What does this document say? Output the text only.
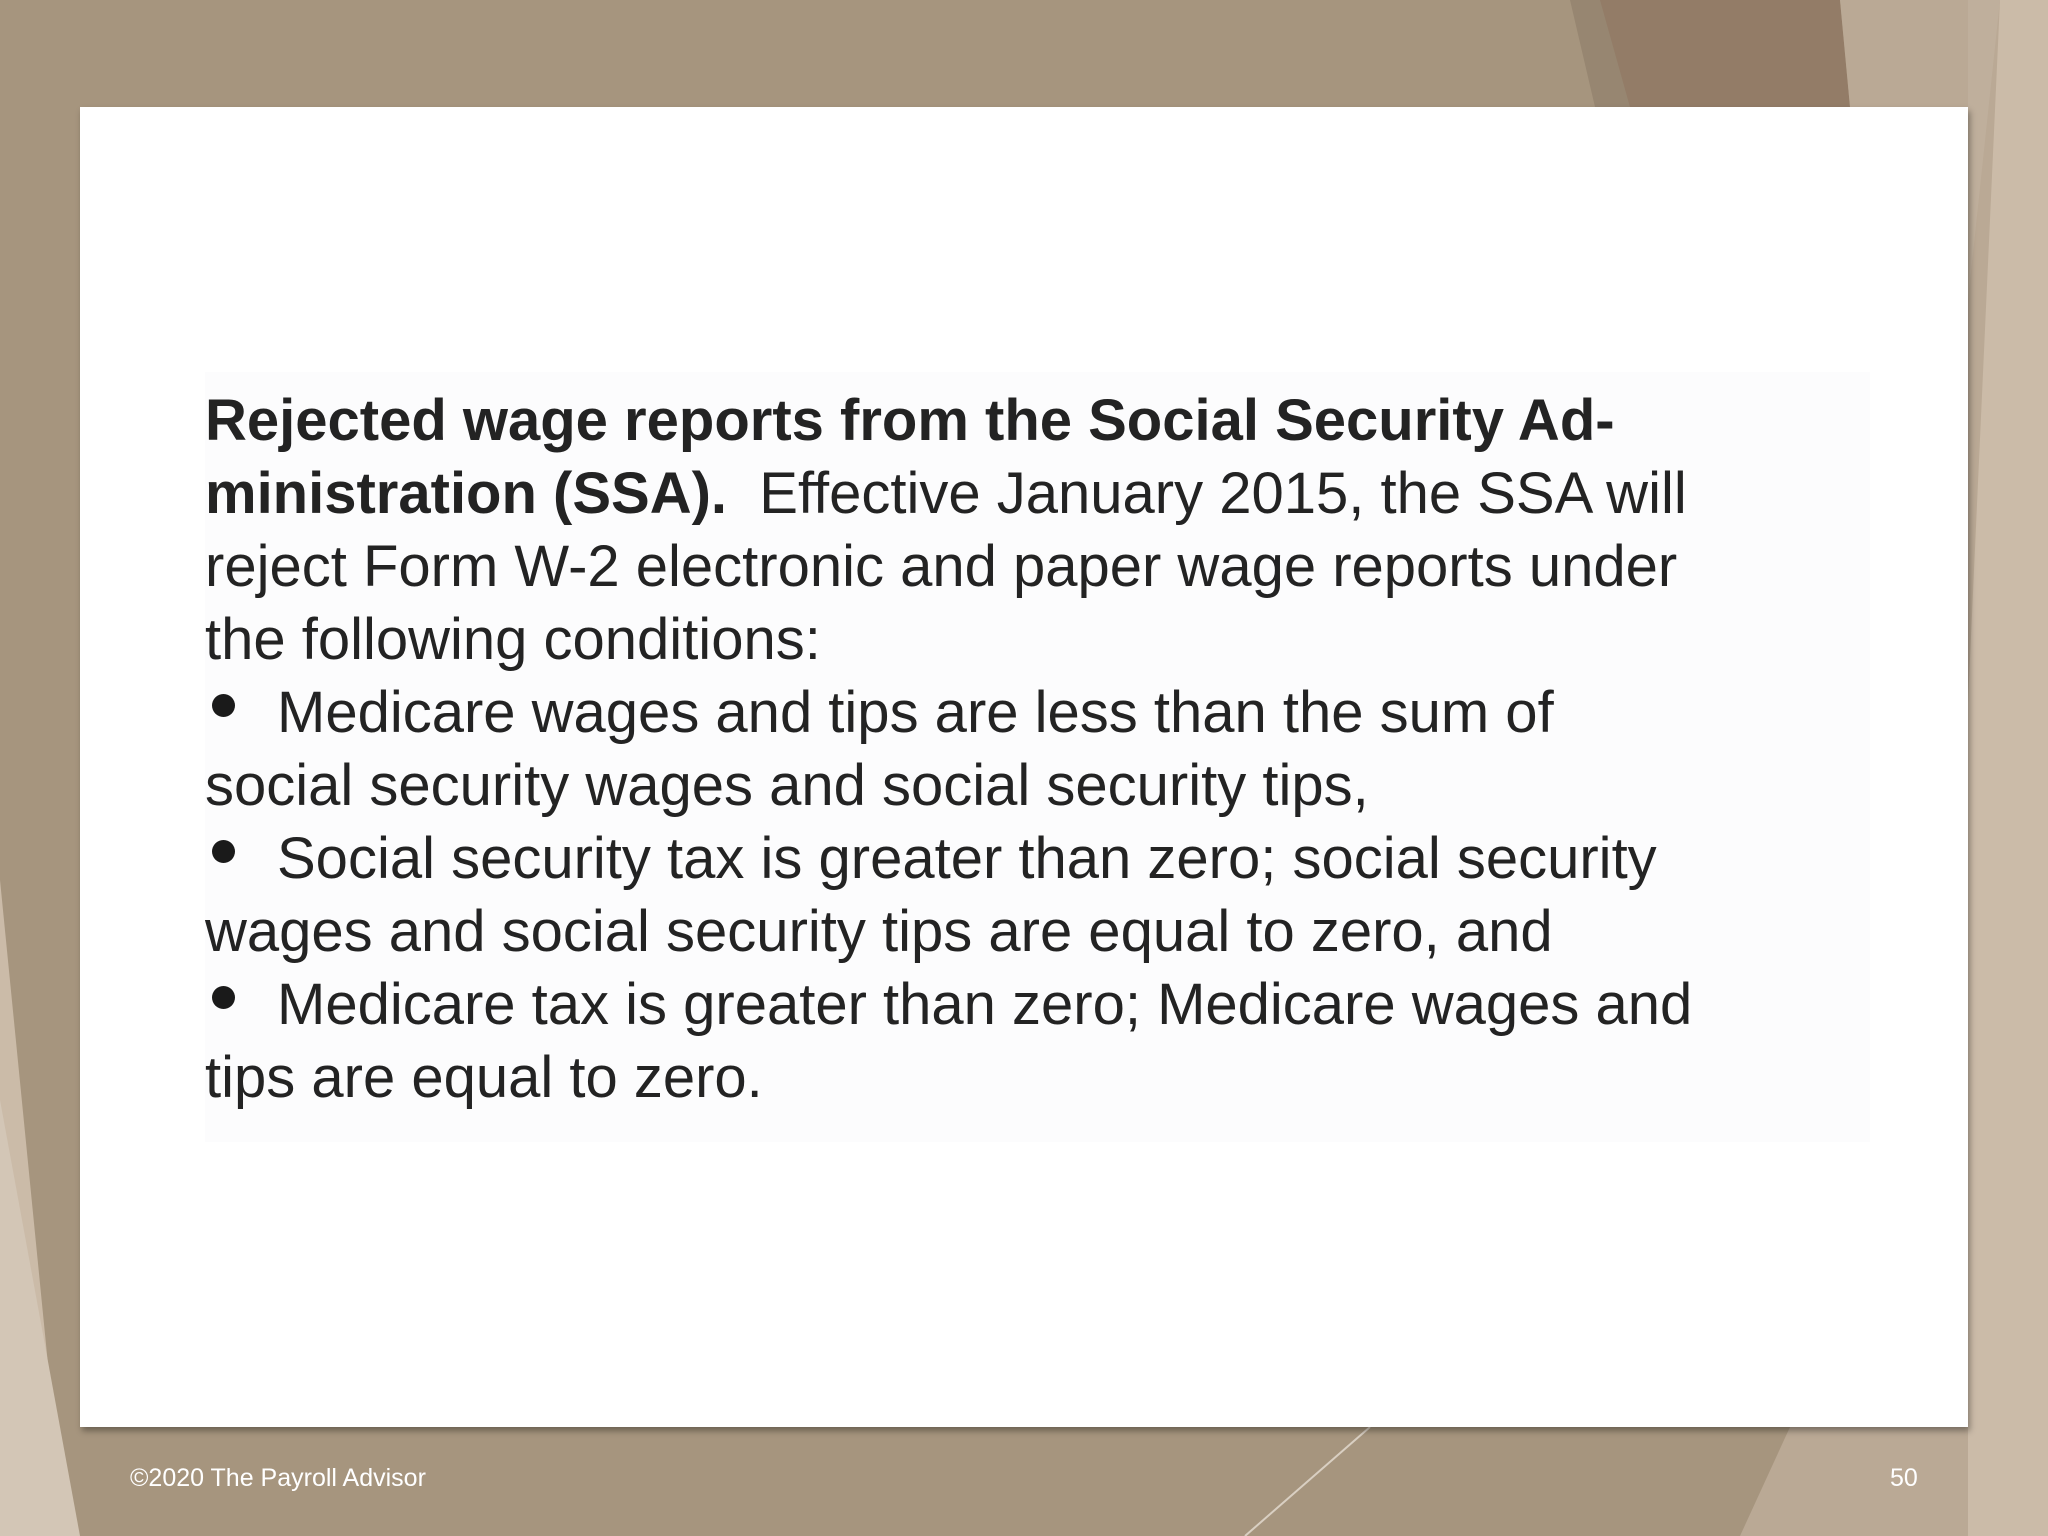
Rejected wage reports from the Social Security Ad-
ministration (SSA). Effective January 2015, the SSA will
reject Form W-2 electronic and paper wage reports under
the following conditions:
Medicare wages and tips are less than the sum of
social security wages and social security tips,
Social security tax is greater than zero; social security
wages and social security tips are equal to zero, and
Medicare tax is greater than zero; Medicare wages and
tips are equal to zero.
©2020 The Payroll Advisor	50
